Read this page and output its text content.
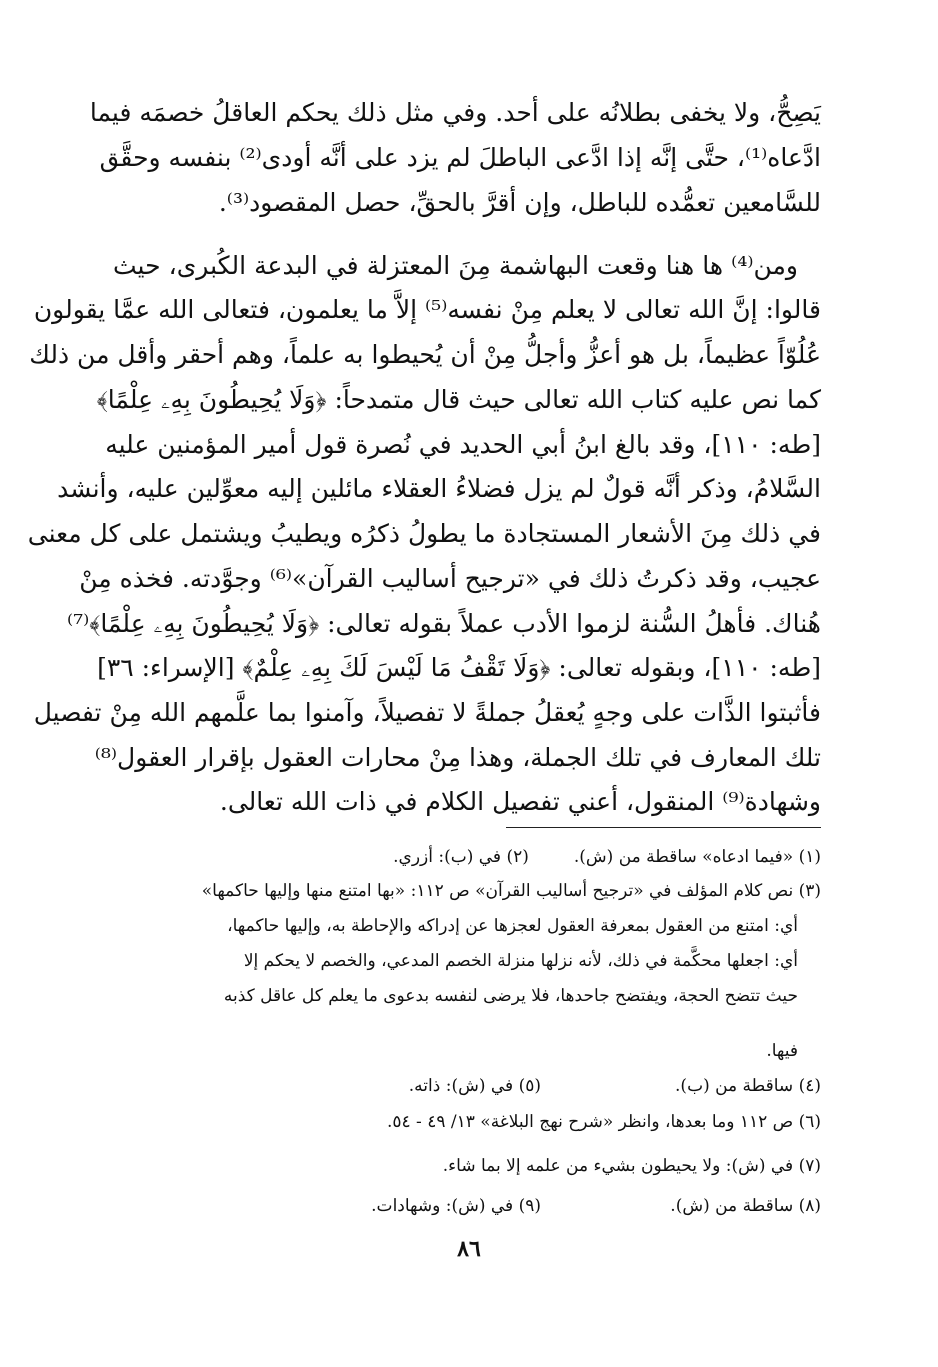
يَصِحُّ، ولا يخفى بطلانُه على أحد. وفي مثل ذلك يحكم العاقلُ خصمَه فيما
ادَّعاه⁽¹⁾، حتَّى إنَّه إذا ادَّعى الباطلَ لم يزد على أنَّه أودى⁽²⁾ بنفسه وحقَّق
للسَّامعين تعمُّده للباطل، وإن أقرَّ بالحقِّ، حصل المقصود⁽³⁾.
ومن⁽⁴⁾ ها هنا وقعت البهاشمة مِنَ المعتزلة في البدعة الكُبرى، حيث
قالوا: إنَّ الله تعالى لا يعلم مِنْ نفسه⁽⁵⁾ إلاَّ ما يعلمون، فتعالى الله عمَّا يقولون
عُلُوّاً عظيماً، بل هو أعزُّ وأجلُّ مِنْ أن يُحيطوا به علماً، وهم أحقر وأقل من ذلك
كما نص عليه كتاب الله تعالى حيث قال متمدحاً: ﴿وَلَا يُحِيطُونَ بِهِۦ عِلْمًا﴾
[طه: ١١٠]، وقد بالغ ابنُ أبي الحديد في نُصرة قول أمير المؤمنين عليه
السَّلامُ، وذكر أنَّه قولٌ لم يزل فضلاءُ العقلاء مائلين إليه معوِّلين عليه، وأنشد
في ذلك مِنَ الأشعار المستجادة ما يطولُ ذكرُه ويطيبُ ويشتمل على كل معنى
عجيب، وقد ذكرتُ ذلك في «ترجيح أساليب القرآن»⁽⁶⁾ وجوَّدته. فخذه مِنْ
هُناك. فأهلُ السُّنة لزموا الأدب عملاً بقوله تعالى: ﴿وَلَا يُحِيطُونَ بِهِۦ عِلْمًا﴾⁽⁷⁾
[طه: ١١٠]، وبقوله تعالى: ﴿وَلَا تَقْفُ مَا لَيْسَ لَكَ بِهِۦ عِلْمٌ﴾ [الإسراء: ٣٦]
فأثبتوا الذَّات على وجهٍ يُعقلُ جملةً لا تفصيلاً، وآمنوا بما علَّمهم الله مِنْ تفصيل
تلك المعارف في تلك الجملة، وهذا مِنْ محارات العقول بإقرار العقول⁽⁸⁾
وشهادة⁽⁹⁾ المنقول، أعني تفصيل الكلام في ذات الله تعالى.
(١) «فيما ادعاه» ساقطة من (ش).(٢) في (ب): أزري.
(٣) نص كلام المؤلف في «ترجيح أساليب القرآن» ص ١١٢: «بها امتنع منها وإليها حاكمها»
أي: امتنع من العقول بمعرفة العقول لعجزها عن إدراكه والإحاطة به، وإليها حاكمها،
أي: اجعلها محكَّمة في ذلك، لأنه نزلها منزلة الخصم المدعي، والخصم لا يحكم إلا
حيث تتضح الحجة، ويفتضح جاحدها، فلا يرضى لنفسه بدعوى ما يعلم كل عاقل كذبه
فيها.
(٤) ساقطة من (ب).(٥) في (ش): ذاته.
(٦) ص ١١٢ وما بعدها، وانظر «شرح نهج البلاغة» ١٣/ ٤٩ - ٥٤.
(٧) في (ش): ولا يحيطون بشيء من علمه إلا بما شاء.
(٨) ساقطة من (ش).(٩) في (ش): وشهادات.
٨٦
